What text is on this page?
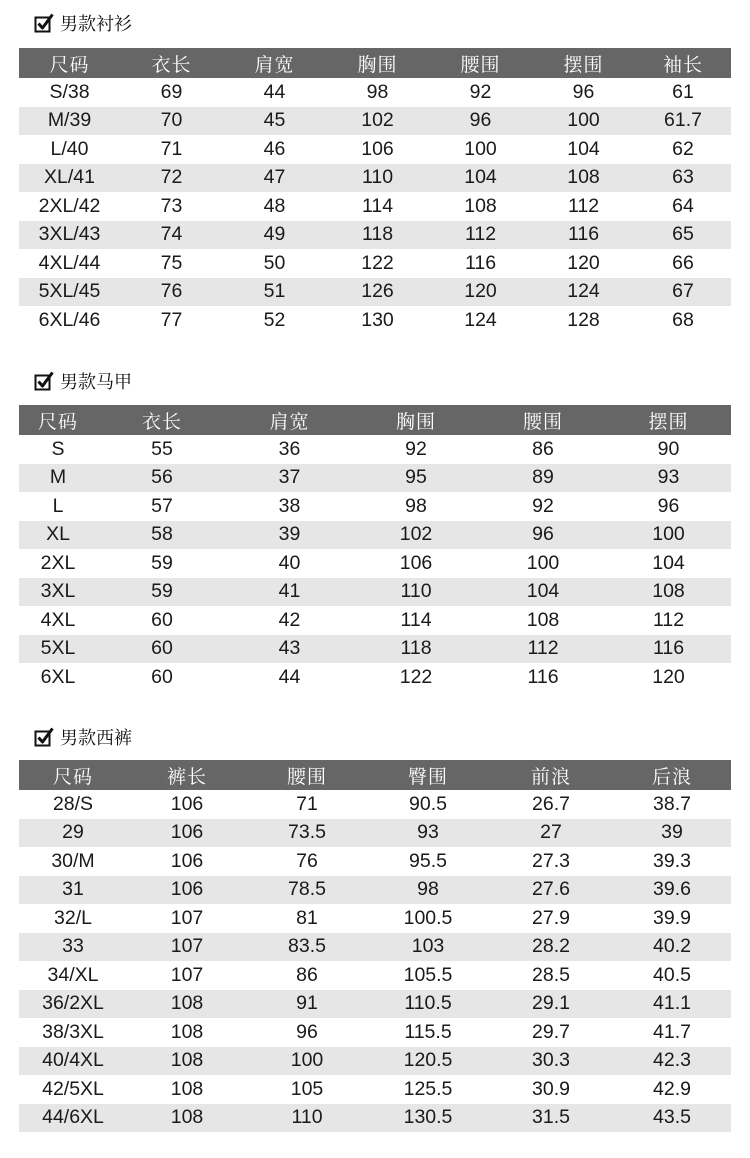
男款衬衫
尺码	衣长	肩宽	胸围	腰围	摆围	袖长
S/38	69	44	98	92	96	61
M/39	70	45	102	96	100	61.7
L/40	71	46	106	100	104	62
XL/41	72	47	110	104	108	63
2XL/42	73	48	114	108	112	64
3XL/43	74	49	118	112	116	65
4XL/44	75	50	122	116	120	66
5XL/45	76	51	126	120	124	67
6XL/46	77	52	130	124	128	68
男款马甲
尺码	衣长	肩宽	胸围	腰围	摆围
S	55	36	92	86	90
M	56	37	95	89	93
L	57	38	98	92	96
XL	58	39	102	96	100
2XL	59	40	106	100	104
3XL	59	41	110	104	108
4XL	60	42	114	108	112
5XL	60	43	118	112	116
6XL	60	44	122	116	120
男款西裤
尺码	裤长	腰围	臀围	前浪	后浪
28/S	106	71	90.5	26.7	38.7
29	106	73.5	93	27	39
30/M	106	76	95.5	27.3	39.3
31	106	78.5	98	27.6	39.6
32/L	107	81	100.5	27.9	39.9
33	107	83.5	103	28.2	40.2
34/XL	107	86	105.5	28.5	40.5
36/2XL	108	91	110.5	29.1	41.1
38/3XL	108	96	115.5	29.7	41.7
40/4XL	108	100	120.5	30.3	42.3
42/5XL	108	105	125.5	30.9	42.9
44/6XL	108	110	130.5	31.5	43.5
